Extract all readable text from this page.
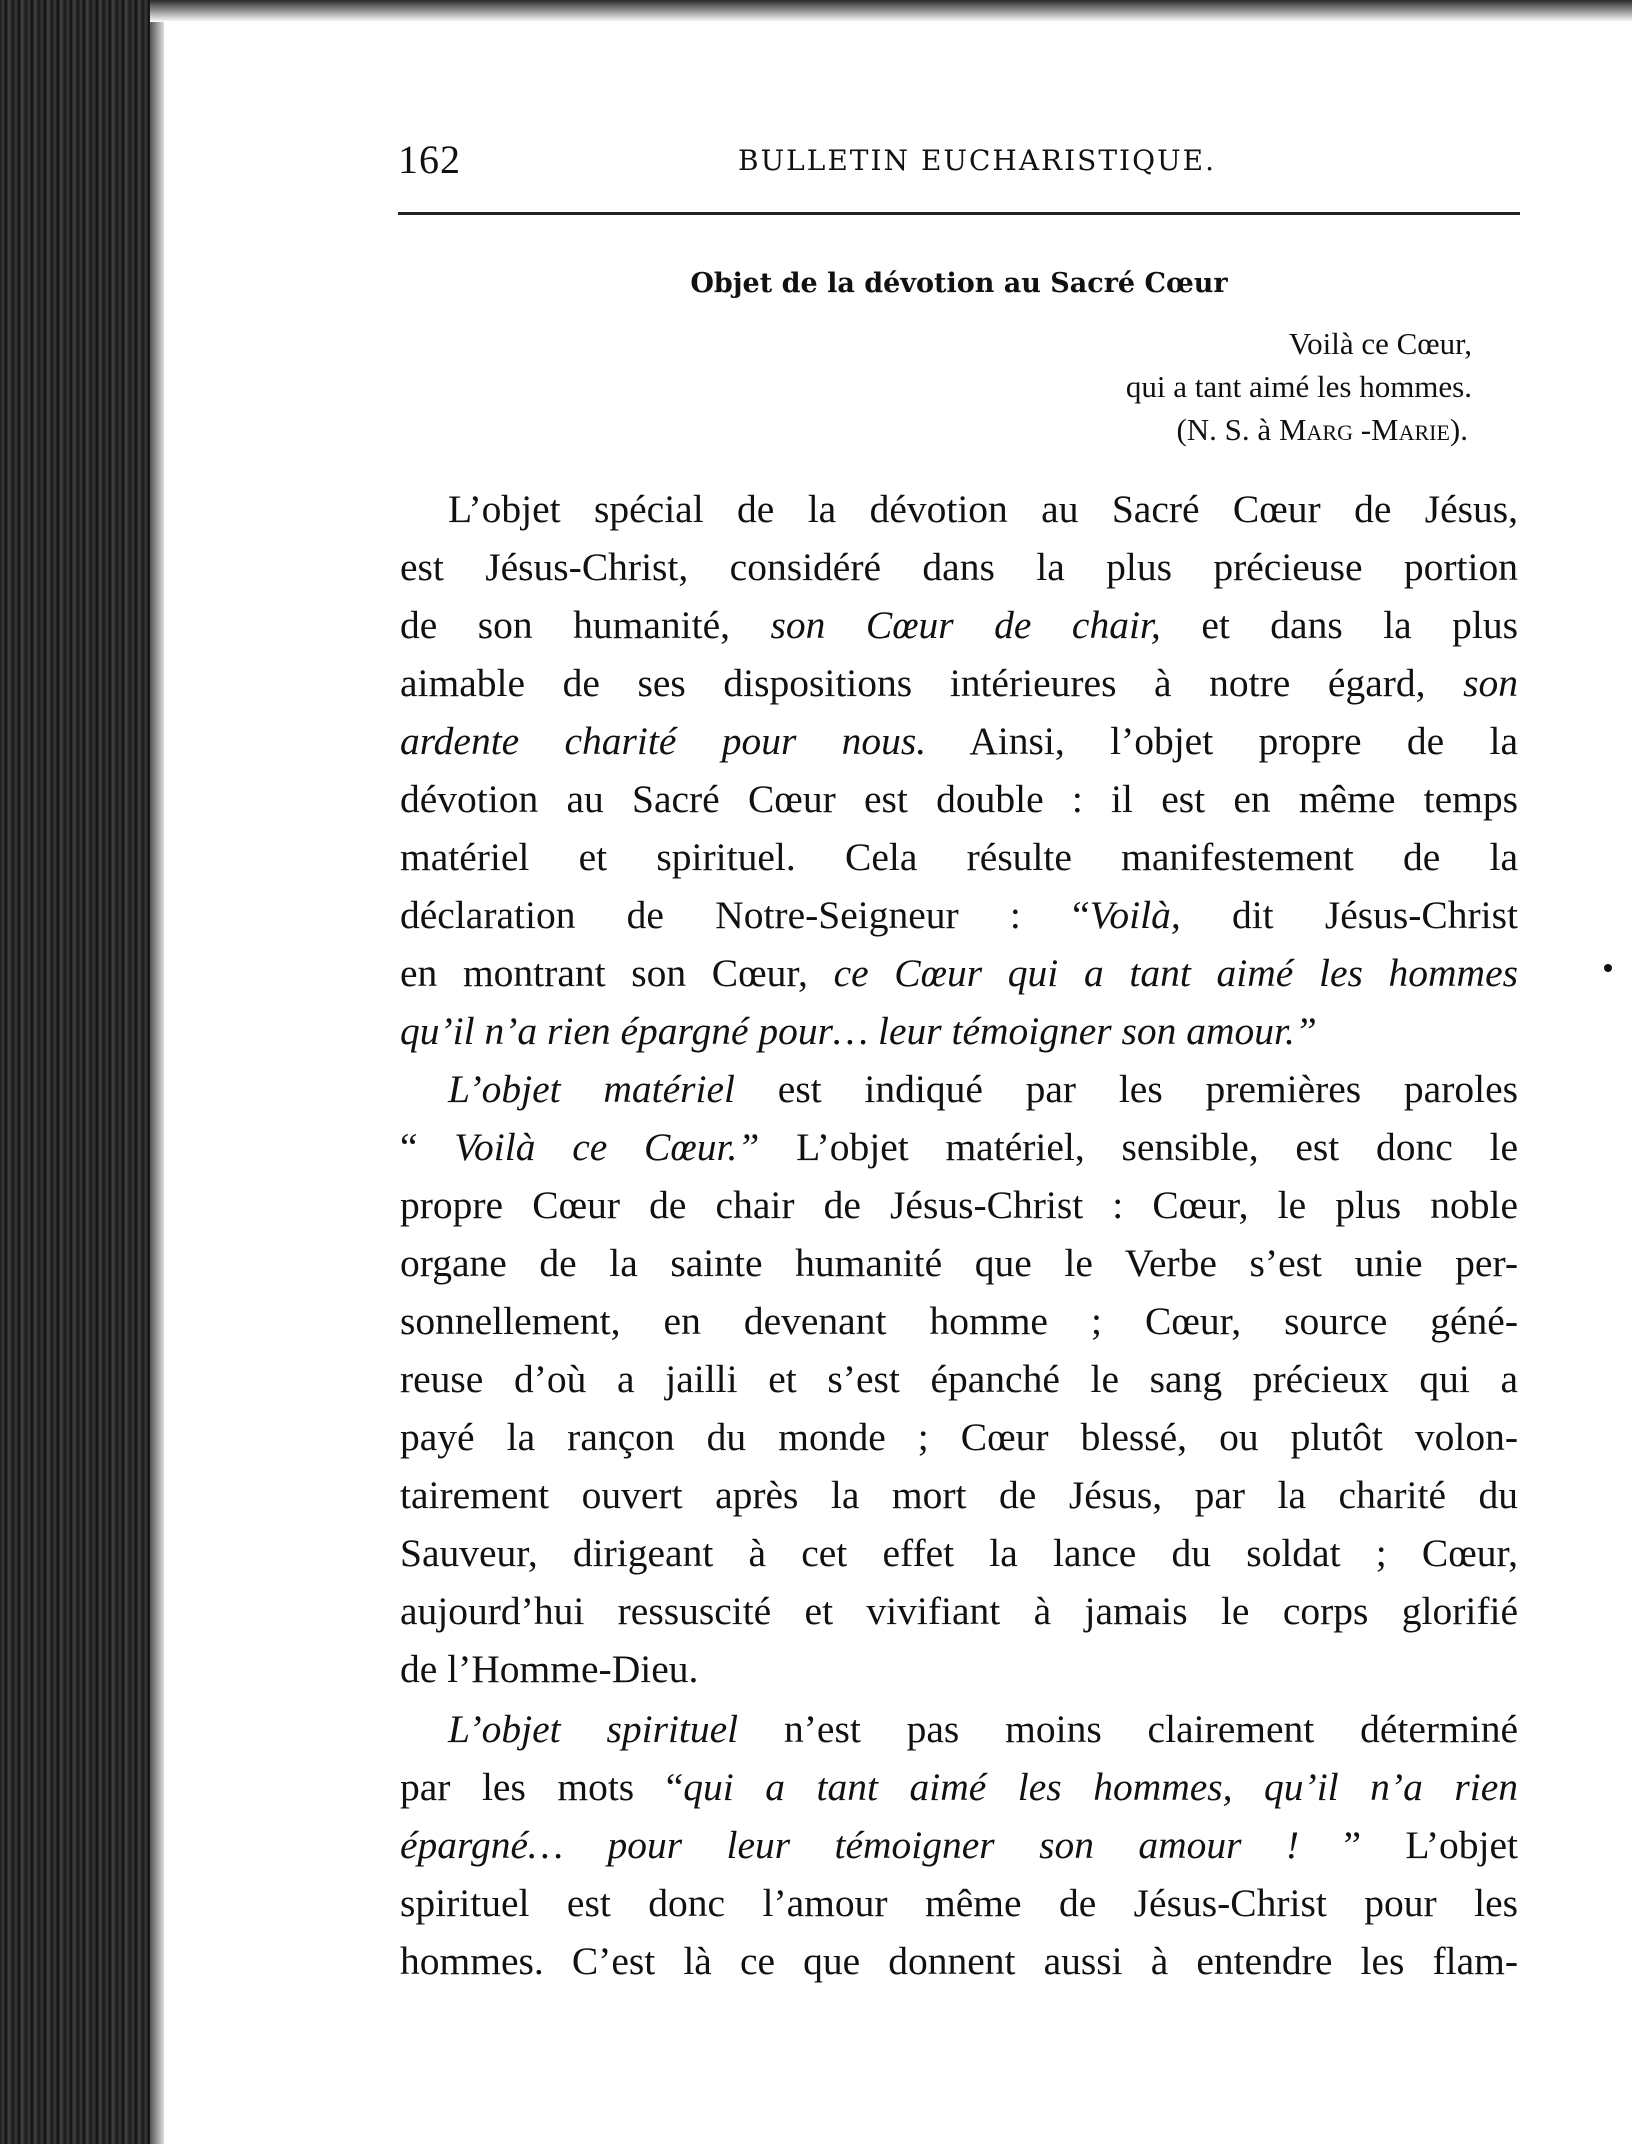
162	BULLETIN EUCHARISTIQUE.
Objet de la dévotion au Sacré Cœur
Voilà ce Cœur,
qui a tant aimé les hommes.
(N. S. à Marg -Marie).
L’objet spécial de la dévotion au Sacré Cœur de Jésus,
est Jésus-Christ, considéré dans la plus précieuse portion
de son humanité, son Cœur de chair, et dans la plus
aimable de ses dispositions intérieures à notre égard, son
ardente charité pour nous. Ainsi, l’objet propre de la
dévotion au Sacré Cœur est double : il est en même temps
matériel et spirituel. Cela résulte manifestement de la
déclaration de Notre-Seigneur : “Voilà, dit Jésus-Christ
en montrant son Cœur, ce Cœur qui a tant aimé les hommes
qu’il n’a rien épargné pour… leur témoigner son amour.”
L’objet matériel est indiqué par les premières paroles
“ Voilà ce Cœur.” L’objet matériel, sensible, est donc le
propre Cœur de chair de Jésus-Christ : Cœur, le plus noble
organe de la sainte humanité que le Verbe s’est unie per-
sonnellement, en devenant homme ; Cœur, source géné-
reuse d’où a jailli et s’est épanché le sang précieux qui a
payé la rançon du monde ; Cœur blessé, ou plutôt volon-
tairement ouvert après la mort de Jésus, par la charité du
Sauveur, dirigeant à cet effet la lance du soldat ; Cœur,
aujourd’hui ressuscité et vivifiant à jamais le corps glorifié
de l’Homme-Dieu.
L’objet spirituel n’est pas moins clairement déterminé
par les mots “qui a tant aimé les hommes, qu’il n’a rien
épargné… pour leur témoigner son amour ! ” L’objet
spirituel est donc l’amour même de Jésus-Christ pour les
hommes. C’est là ce que donnent aussi à entendre les flam-
